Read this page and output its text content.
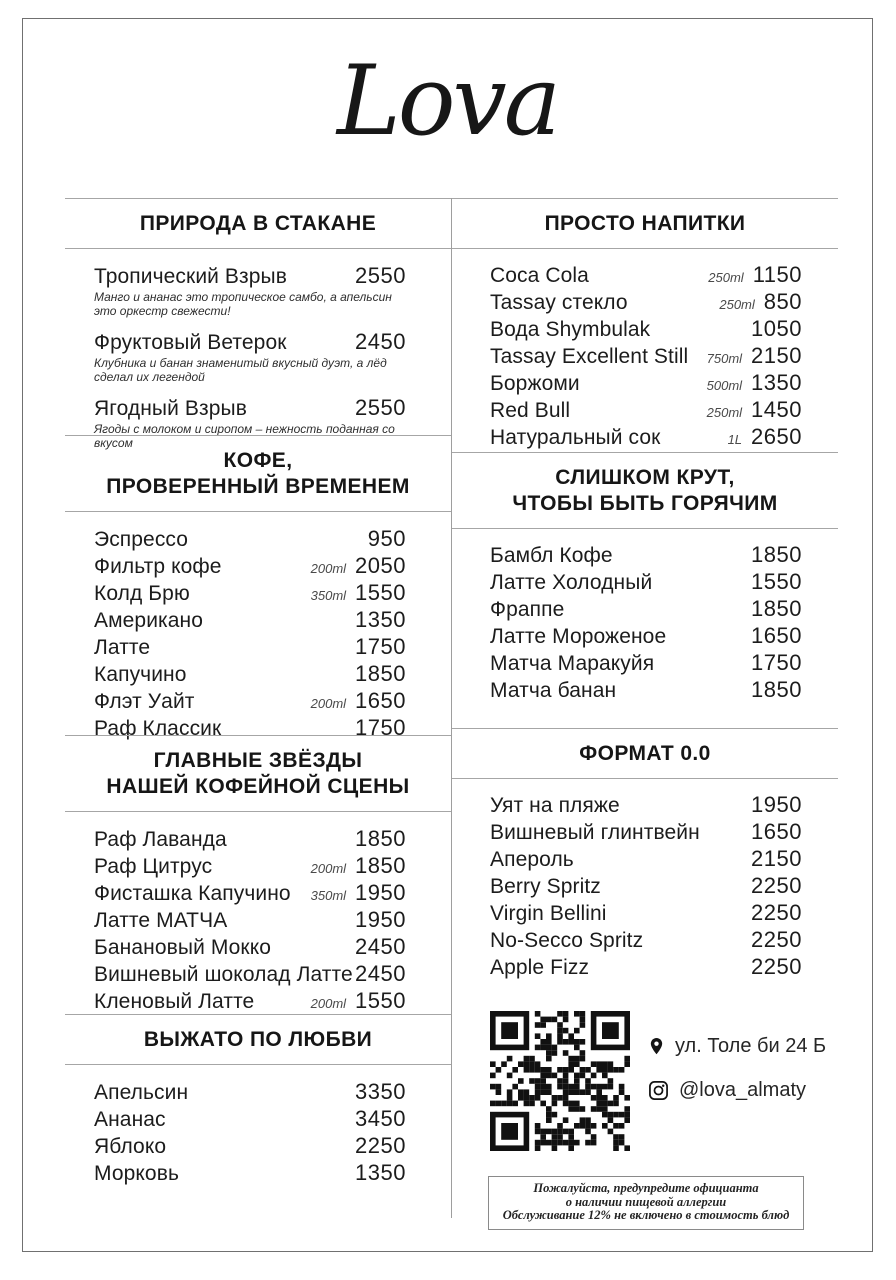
Lova
ПРИРОДА В СТАКАНЕ
Тропический Взрыв	2550
Манго и ананас это тропическое самбо, а апельсин это оркестр свежести!
Фруктовый Ветерок	2450
Клубника и банан знаменитый вкусный дуэт, а лёд сделал их легендой
Ягодный Взрыв	2550
Ягоды с молоком и сиропом – нежность поданная со вкусом
КОФЕ,
ПРОВЕРЕННЫЙ ВРЕМЕНЕМ
Эспрессо	950
Фильтр кофе	200ml 2050
Колд Брю	350ml 1550
Американо	1350
Латте	1750
Капучино	1850
Флэт Уайт	200ml 1650
Раф Классик	1750
ГЛАВНЫЕ ЗВЁЗДЫ
НАШЕЙ КОФЕЙНОЙ СЦЕНЫ
Раф Лаванда	1850
Раф Цитрус	200ml 1850
Фисташка Капучино	350ml 1950
Латте МАТЧА	1950
Банановый Мокко	2450
Вишневый шоколад Латте 2450
Кленовый Латте	200ml 1550
ВЫЖАТО ПО ЛЮБВИ
Апельсин	3350
Ананас	3450
Яблоко	2250
Морковь	1350
ул. Толе би 24 Б
@lova_almaty
Пожалуйста, предупредите официанта
о наличии пищевой аллергии
Обслуживание 12% не включено в стоимость блюд
ПРОСТО НАПИТКИ
Coca Cola	250ml 1150
Tassay стекло	250ml 850
Вода Shymbulak	1050
Tassay Excellent Still	750ml 2150
Боржоми	500ml 1350
Red Bull	250ml 1450
Натуральный сок	1L 2650
СЛИШКОМ КРУТ,
ЧТОБЫ БЫТЬ ГОРЯЧИМ
Бамбл Кофе	1850
Латте Холодный	1550
Фраппе	1850
Латте Мороженое	1650
Матча Маракуйя	1750
Матча банан	1850
ФОРМАТ 0.0
Уят на пляже	1950
Вишневый глинтвейн	1650
Апероль	2150
Berry Spritz	2250
Virgin Bellini	2250
No-Secco Spritz	2250
Apple Fizz	2250
